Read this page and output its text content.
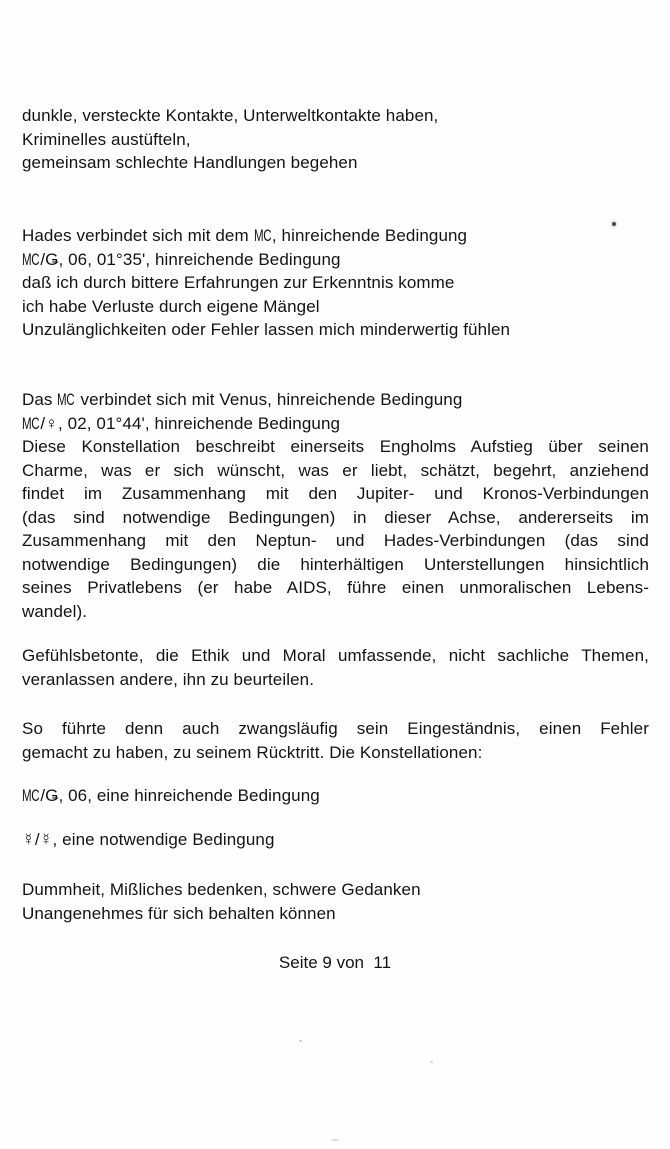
dunkle, versteckte Kontakte, Unterweltkontakte haben,
Kriminelles austüfteln,
gemeinsam schlechte Handlungen begehen
Hades verbindet sich mit dem MC, hinreichende Bedingung
MC/Ǥ, 06, 01°35', hinreichende Bedingung
daß ich durch bittere Erfahrungen zur Erkenntnis komme
ich habe Verluste durch eigene Mängel
Unzulänglichkeiten oder Fehler lassen mich minderwertig fühlen
Das MC verbindet sich mit Venus, hinreichende Bedingung
MC/♀, 02, 01°44', hinreichende Bedingung
Diese Konstellation beschreibt einerseits Engholms Aufstieg über seinen
Charme, was er sich wünscht, was er liebt, schätzt, begehrt, anziehend
findet im Zusammenhang mit den Jupiter- und Kronos-Verbindungen
(das sind notwendige Bedingungen) in dieser Achse, andererseits im
Zusammenhang mit den Neptun- und Hades-Verbindungen (das sind
notwendige Bedingungen) die hinterhältigen Unterstellungen hinsichtlich
seines Privatlebens (er habe AIDS, führe einen unmoralischen Lebens-
wandel).
Gefühlsbetonte, die Ethik und Moral umfassende, nicht sachliche Themen,
veranlassen andere, ihn zu beurteilen.
So führte denn auch zwangsläufig sein Eingeständnis, einen Fehler
gemacht zu haben, zu seinem Rücktritt. Die Konstellationen:
MC/Ǥ, 06, eine hinreichende Bedingung
☿/☿, eine notwendige Bedingung
Dummheit, Mißliches bedenken, schwere Gedanken
Unangenehmes für sich behalten können
Seite 9 von  11
